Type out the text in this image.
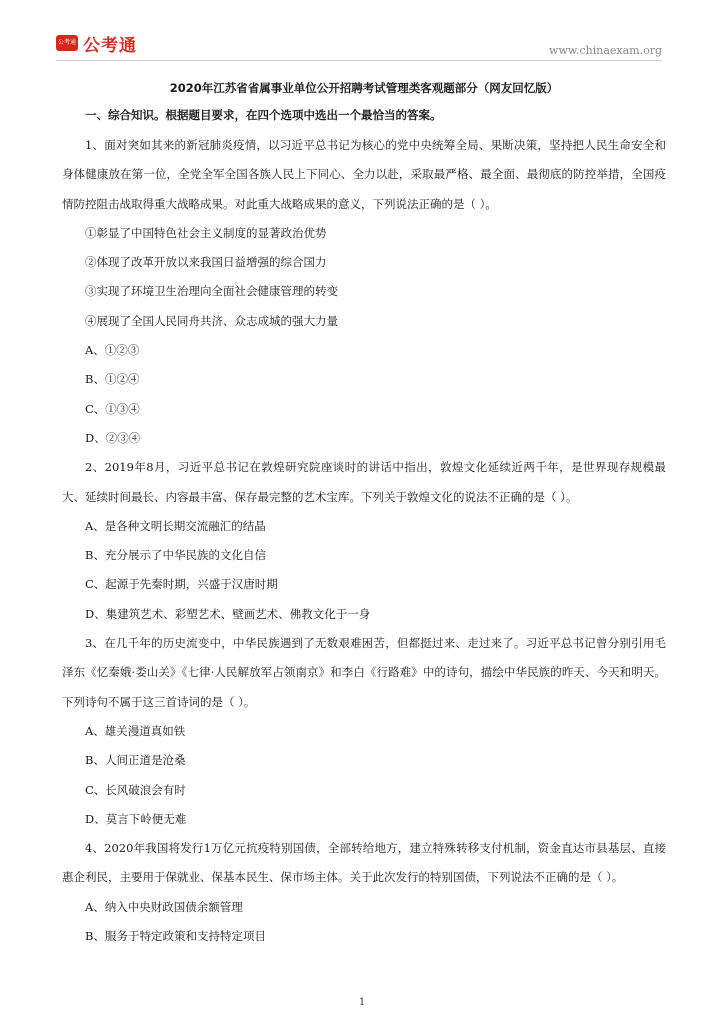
公考通 公考通	www.chinaexam.org

2020年江苏省省属事业单位公开招聘考试管理类客观题部分（网友回忆版）

一、综合知识。根据题目要求，在四个选项中选出一个最恰当的答案。

1、面对突如其来的新冠肺炎疫情，以习近平总书记为核心的党中央统筹全局、果断决策，坚持把人民生命安全和身体健康放在第一位，全党全军全国各族人民上下同心、全力以赴，采取最严格、最全面、最彻底的防控举措，全国疫情防控阻击战取得重大战略成果。对此重大战略成果的意义，下列说法正确的是（ ）。

①彰显了中国特色社会主义制度的显著政治优势

②体现了改革开放以来我国日益增强的综合国力

③实现了环境卫生治理向全面社会健康管理的转变

④展现了全国人民同舟共济、众志成城的强大力量

A、①②③

B、①②④

C、①③④

D、②③④

2、2019年8月，习近平总书记在敦煌研究院座谈时的讲话中指出，敦煌文化延续近两千年，是世界现存规模最大、延续时间最长、内容最丰富、保存最完整的艺术宝库。下列关于敦煌文化的说法不正确的是（ ）。

A、是各种文明长期交流融汇的结晶

B、充分展示了中华民族的文化自信

C、起源于先秦时期，兴盛于汉唐时期

D、集建筑艺术、彩塑艺术、壁画艺术、佛教文化于一身

3、在几千年的历史流变中，中华民族遇到了无数艰难困苦，但都挺过来、走过来了。习近平总书记曾分别引用毛泽东《忆秦娥·娄山关》《七律·人民解放军占领南京》和李白《行路难》中的诗句，描绘中华民族的昨天、今天和明天。下列诗句不属于这三首诗词的是（ ）。

A、雄关漫道真如铁

B、人间正道是沧桑

C、长风破浪会有时

D、莫言下岭便无难

4、2020年我国将发行1万亿元抗疫特别国债，全部转给地方，建立特殊转移支付机制，资金直达市县基层、直接惠企利民，主要用于保就业、保基本民生、保市场主体。关于此次发行的特别国债，下列说法不正确的是（ ）。

A、纳入中央财政国债余额管理

B、服务于特定政策和支持特定项目

1
